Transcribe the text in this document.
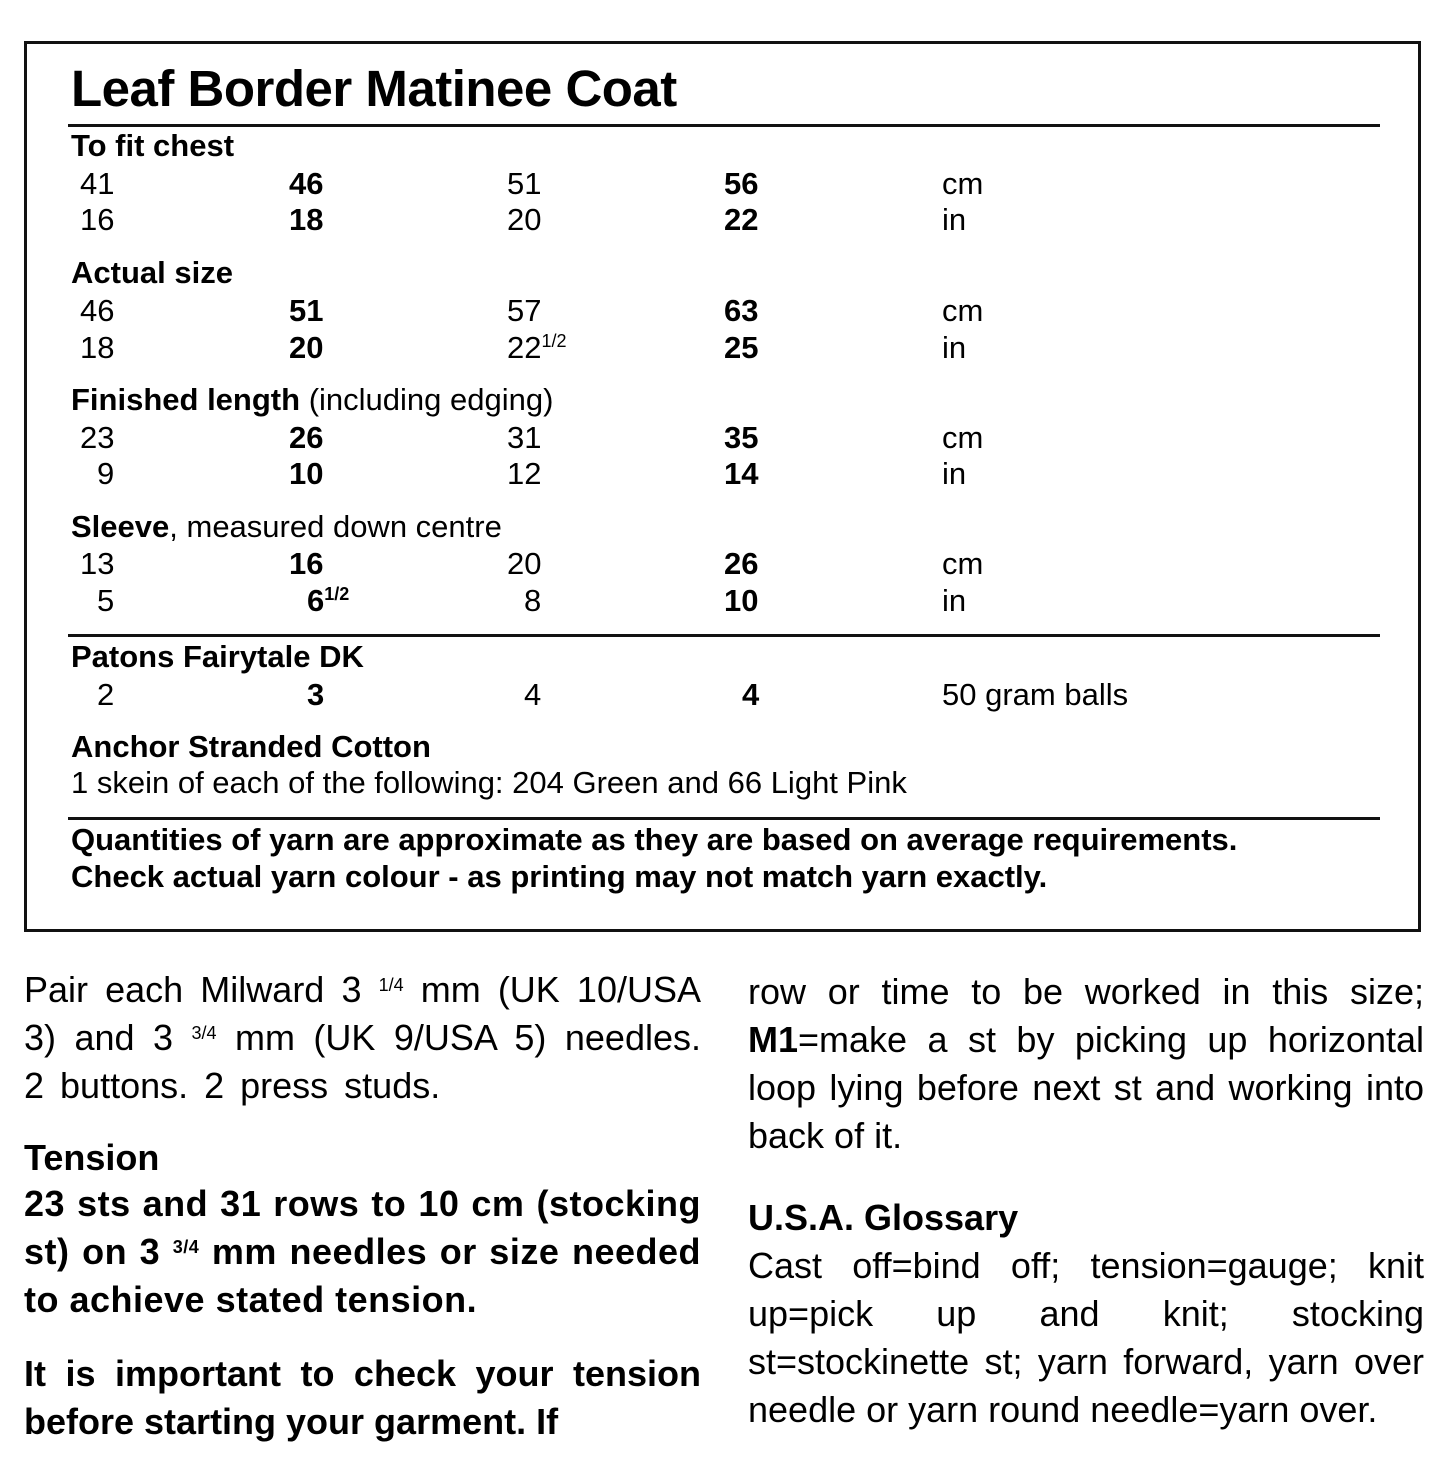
Leaf Border Matinee Coat
To fit chest
41	46	51	56	cm
16	18	20	22	in
Actual size
46	51	57	63	cm
18	20	$22^{1/2}$	25	in
Finished length (including edging)
23	26	31	35	cm
9	10	12	14	in
Sleeve, measured down centre
13	16	20	26	cm
5	$6^{1/2}$	8	10	in
Patons Fairytale DK
2	3	4	4	50 gram balls
Anchor Stranded Cotton
1 skein of each of the following: 204 Green and 66 Light Pink
Quantities of yarn are approximate as they are based on average requirements.
Check actual yarn colour - as printing may not match yarn exactly.

Pair each Milward 3 $^{1/4}$ mm (UK 10/USA 3) and 3 $^{3/4}$ mm (UK 9/USA 5) needles. 2 buttons. 2 press studs.

Tension

23 sts and 31 rows to 10 cm (stocking st) on 3 $^{3/4}$ mm needles or size needed to achieve stated tension.

It is important to check your tension before starting your garment. If

row or time to be worked in this size; M1=make a st by picking up horizontal loop lying before next st and working into back of it.

U.S.A. Glossary

Cast off=bind off; tension=gauge; knit up=pick up and knit; stocking st=stockinette st; yarn forward, yarn over needle or yarn round needle=yarn over.
